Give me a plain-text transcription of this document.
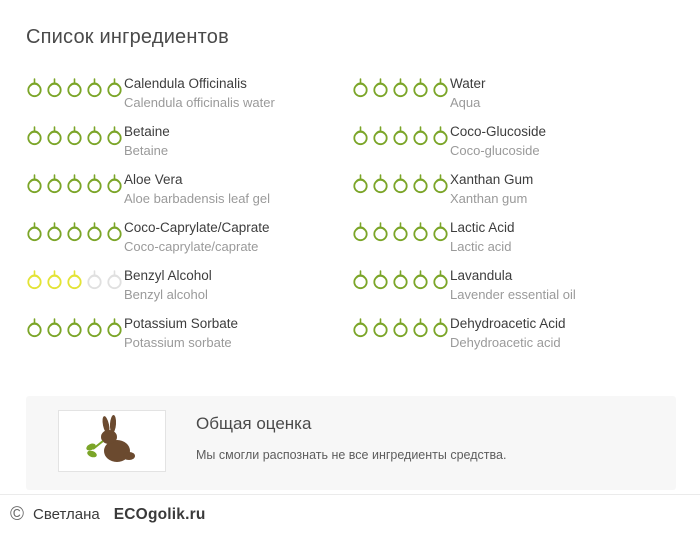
Список ингредиентов
Calendula Officinalis
Calendula officinalis water
Water
Aqua
Betaine
Betaine
Coco-Glucoside
Coco-glucoside
Aloe Vera
Aloe barbadensis leaf gel
Xanthan Gum
Xanthan gum
Coco-Caprylate/Caprate
Coco-caprylate/caprate
Lactic Acid
Lactic acid
Benzyl Alcohol
Benzyl alcohol
Lavandula
Lavender essential oil
Potassium Sorbate
Potassium sorbate
Dehydroacetic Acid
Dehydroacetic acid
Общая оценка
Мы смогли распознать не все ингредиенты средства.
© Светлана ECOgolik.ru
